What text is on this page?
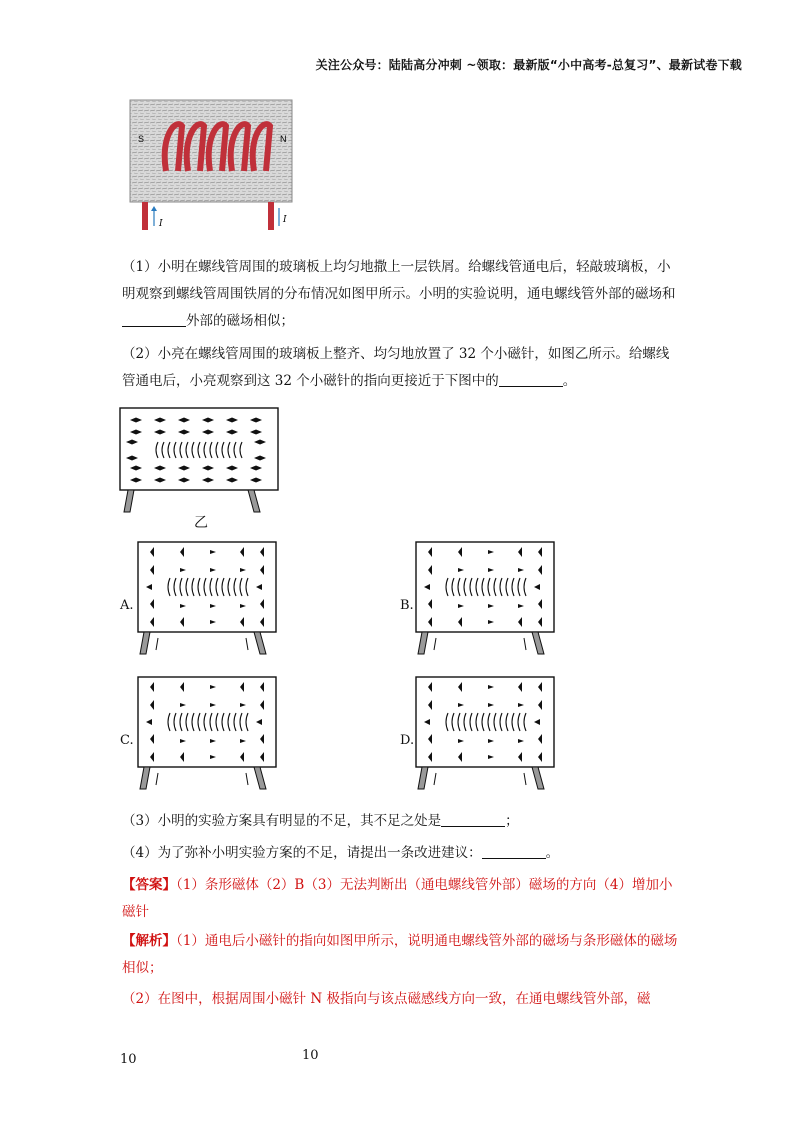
关注公众号：陆陆高分冲刺 ~领取：最新版“小中高考-总复习”、最新试卷下载
S	N
I	I
（1）小明在螺线管周围的玻璃板上均匀地撒上一层铁屑。给螺线管通电后，轻敲玻璃板，小明观察到螺线管周围铁屑的分布情况如图甲所示。小明的实验说明，通电螺线管外部的磁场和外部的磁场相似；
（2）小亮在螺线管周围的玻璃板上整齐、均匀地放置了 32 个小磁针，如图乙所示。给螺线管通电后，小亮观察到这 32 个小磁针的指向更接近于下图中的	。
乙
A.	B.
C.	D.
（3）小明的实验方案具有明显的不足，其不足之处是	；
（4）为了弥补小明实验方案的不足，请提出一条改进建议：	。
【答案】（1）条形磁体（2）B（3）无法判断出（通电螺线管外部）磁场的方向（4）增加小磁针
【解析】（1）通电后小磁针的指向如图甲所示，说明通电螺线管外部的磁场与条形磁体的磁场相似；
（2）在图中，根据周围小磁针 N 极指向与该点磁感线方向一致，在通电螺线管外部，磁
10	10
